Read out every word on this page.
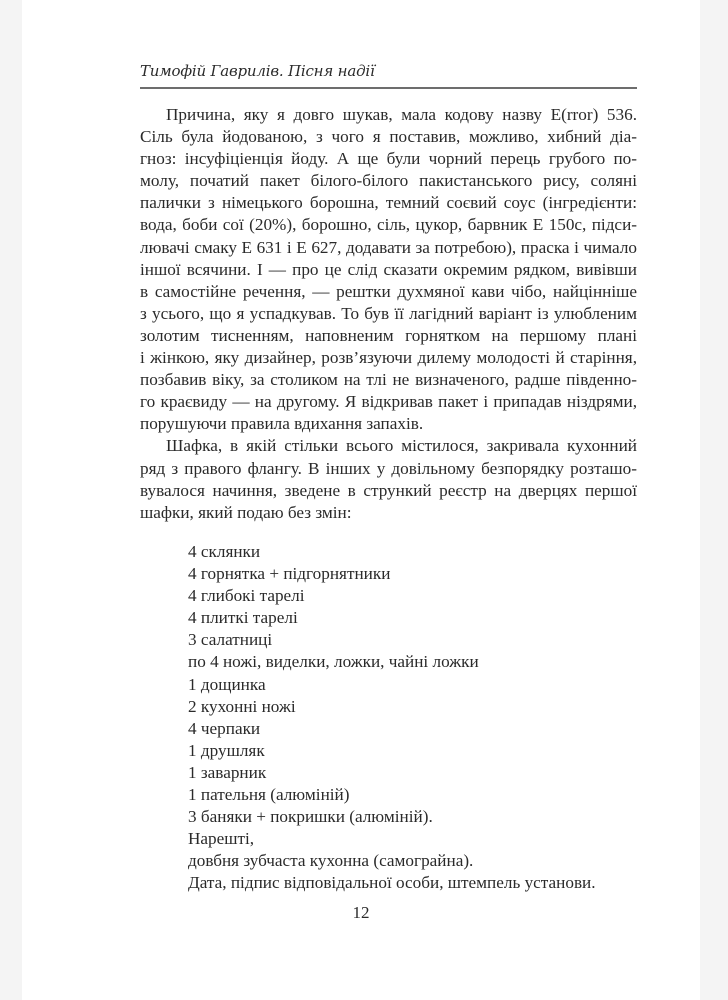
Тимофій Гаврилів. Пісня надії

Причина, яку я довго шукав, мала кодову назву E(rror) 536.
Сіль була йодованою, з чого я поставив, можливо, хибний діа-
гноз: інсуфіціенція йоду. А ще були чорний перець грубого по-
молу, початий пакет білого-білого пакистанського рису, соляні
палички з німецького борошна, темний соєвий соус (інгредієнти:
вода, боби сої (20%), борошно, сіль, цукор, барвник E 150c, підси-
лювачі смаку E 631 і E 627, додавати за потребою), праска і чимало
іншої всячини. І — про це слід сказати окремим рядком, вивівши
в самостійне речення, — рештки духмяної кави чібо, найцінніше
з усього, що я успадкував. То був її лагідний варіант із улюбленим
золотим тисненням, наповненим горнятком на першому плані
і жінкою, яку дизайнер, розв’язуючи дилему молодості й старіння,
позбавив віку, за столиком на тлі не визначеного, радше південно-
го краєвиду — на другому. Я відкривав пакет і припадав ніздрями,
порушуючи правила вдихання запахів.

Шафка, в якій стільки всього містилося, закривала кухонний
ряд з правого флангу. В інших у довільному безпорядку розташо-
вувалося начиння, зведене в стрункий реєстр на дверцях першої
шафки, який подаю без змін:

4 склянки
4 горнятка + підгорнятники
4 глибокі тарелі
4 плиткі тарелі
3 салатниці
по 4 ножі, виделки, ложки, чайні ложки
1 дощинка
2 кухонні ножі
4 черпаки
1 друшляк
1 заварник
1 пательня (алюміній)
3 баняки + покришки (алюміній).
Нарешті,
довбня зубчаста кухонна (самограйна).
Дата, підпис відповідальної особи, штемпель установи.
12
